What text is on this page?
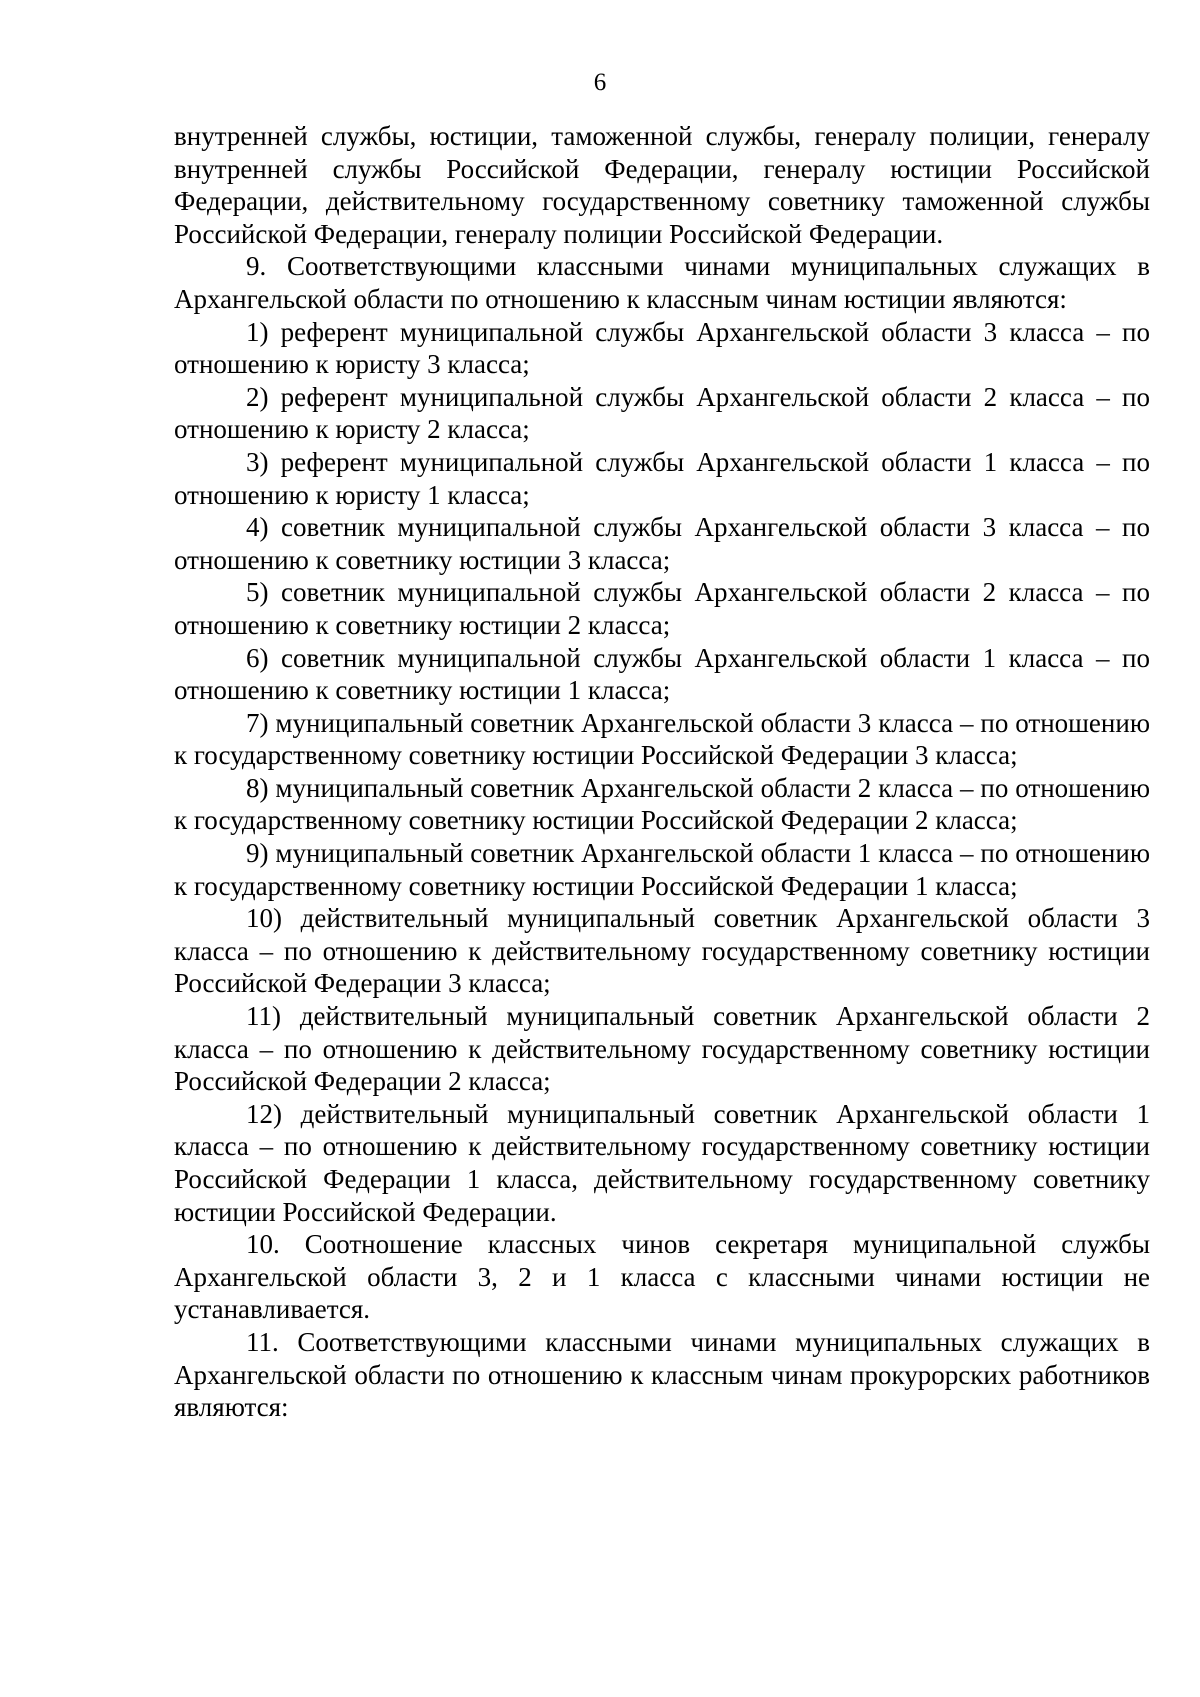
6

внутренней службы, юстиции, таможенной службы, генералу полиции, генералу внутренней службы Российской Федерации, генералу юстиции Российской Федерации, действительному государственному советнику таможенной службы Российской Федерации, генералу полиции Российской Федерации.

9. Соответствующими классными чинами муниципальных служащих в Архангельской области по отношению к классным чинам юстиции являются:

1) референт муниципальной службы Архангельской области 3 класса – по отношению к юристу 3 класса;

2) референт муниципальной службы Архангельской области 2 класса – по отношению к юристу 2 класса;

3) референт муниципальной службы Архангельской области 1 класса – по отношению к юристу 1 класса;

4) советник муниципальной службы Архангельской области 3 класса – по отношению к советнику юстиции 3 класса;

5) советник муниципальной службы Архангельской области 2 класса – по отношению к советнику юстиции 2 класса;

6) советник муниципальной службы Архангельской области 1 класса – по отношению к советнику юстиции 1 класса;

7) муниципальный советник Архангельской области 3 класса – по отношению к государственному советнику юстиции Российской Федерации 3 класса;

8) муниципальный советник Архангельской области 2 класса – по отношению к государственному советнику юстиции Российской Федерации 2 класса;

9) муниципальный советник Архангельской области 1 класса – по отношению к государственному советнику юстиции Российской Федерации 1 класса;

10) действительный муниципальный советник Архангельской области 3 класса – по отношению к действительному государственному советнику юстиции Российской Федерации 3 класса;

11) действительный муниципальный советник Архангельской области 2 класса – по отношению к действительному государственному советнику юстиции Российской Федерации 2 класса;

12) действительный муниципальный советник Архангельской области 1 класса – по отношению к действительному государственному советнику юстиции Российской Федерации 1 класса, действительному государственному советнику юстиции Российской Федерации.

10. Соотношение классных чинов секретаря муниципальной службы Архангельской области 3, 2 и 1 класса с классными чинами юстиции не устанавливается.

11. Соответствующими классными чинами муниципальных служащих в Архангельской области по отношению к классным чинам прокурорских работников являются:
